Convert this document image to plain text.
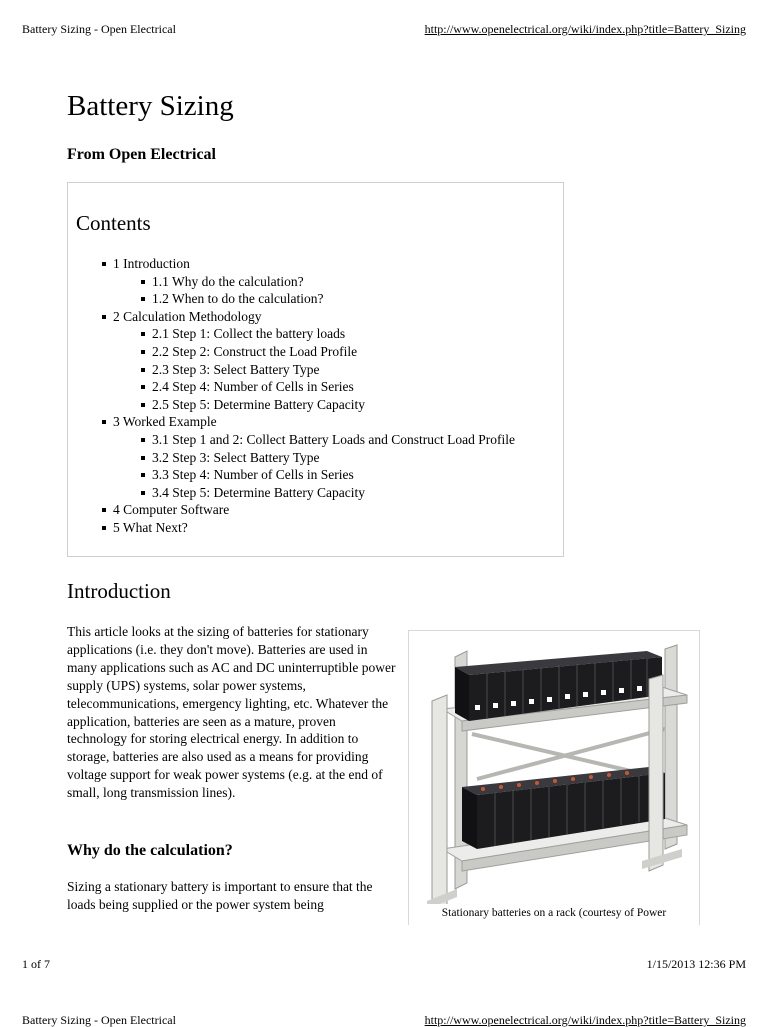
Battery Sizing - Open Electrical	http://www.openelectrical.org/wiki/index.php?title=Battery_Sizing
Battery Sizing
From Open Electrical
Contents
1 Introduction
1.1 Why do the calculation?
1.2 When to do the calculation?
2 Calculation Methodology
2.1 Step 1: Collect the battery loads
2.2 Step 2: Construct the Load Profile
2.3 Step 3: Select Battery Type
2.4 Step 4: Number of Cells in Series
2.5 Step 5: Determine Battery Capacity
3 Worked Example
3.1 Step 1 and 2: Collect Battery Loads and Construct Load Profile
3.2 Step 3: Select Battery Type
3.3 Step 4: Number of Cells in Series
3.4 Step 5: Determine Battery Capacity
4 Computer Software
5 What Next?
Introduction

This article looks at the sizing of batteries for stationary applications (i.e. they don't move). Batteries are used in many applications such as AC and DC uninterruptible power supply (UPS) systems, solar power systems, telecommunications, emergency lighting, etc. Whatever the application, batteries are seen as a mature, proven technology for storing electrical energy. In addition to storage, batteries are also used as a means for providing voltage support for weak power systems (e.g. at the end of small, long transmission lines).

Why do the calculation?

Sizing a stationary battery is important to ensure that the loads being supplied or the power system being

Stationary batteries on a rack (courtesy of Power
1 of 7	1/15/2013 12:36 PM
Battery Sizing - Open Electrical	http://www.openelectrical.org/wiki/index.php?title=Battery_Sizing
